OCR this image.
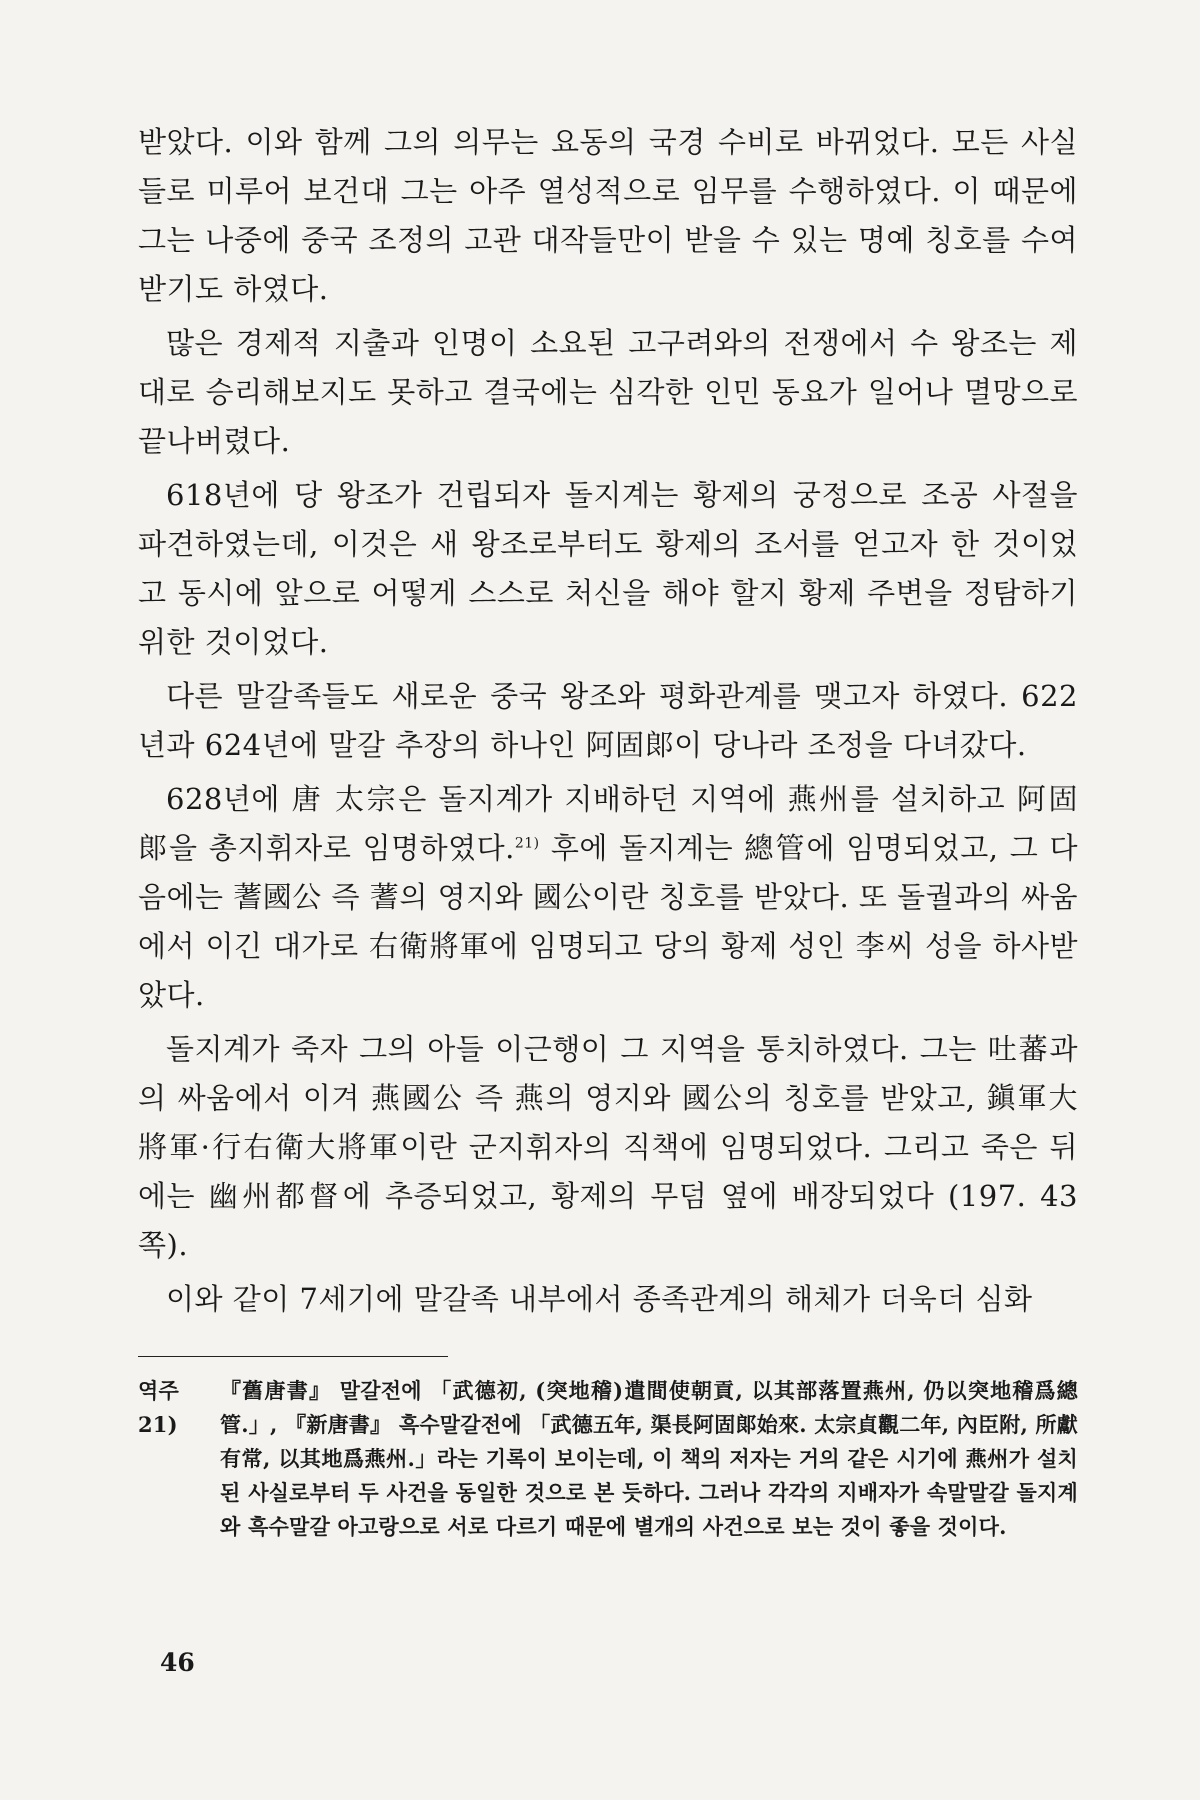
받았다. 이와 함께 그의 의무는 요동의 국경 수비로 바뀌었다. 모든 사실들로 미루어 보건대 그는 아주 열성적으로 임무를 수행하였다. 이 때문에 그는 나중에 중국 조정의 고관 대작들만이 받을 수 있는 명예 칭호를 수여받기도 하였다.

많은 경제적 지출과 인명이 소요된 고구려와의 전쟁에서 수 왕조는 제대로 승리해보지도 못하고 결국에는 심각한 인민 동요가 일어나 멸망으로 끝나버렸다.

618년에 당 왕조가 건립되자 돌지계는 황제의 궁정으로 조공 사절을 파견하였는데, 이것은 새 왕조로부터도 황제의 조서를 얻고자 한 것이었고 동시에 앞으로 어떻게 스스로 처신을 해야 할지 황제 주변을 정탐하기 위한 것이었다.

다른 말갈족들도 새로운 중국 왕조와 평화관계를 맺고자 하였다. 622년과 624년에 말갈 추장의 하나인 阿固郞이 당나라 조정을 다녀갔다.

628년에 唐 太宗은 돌지계가 지배하던 지역에 燕州를 설치하고 阿固郞을 총지휘자로 임명하였다.$^{21)}$ 후에 돌지계는 總管에 임명되었고, 그 다음에는 蓍國公 즉 蓍의 영지와 國公이란 칭호를 받았다. 또 돌궐과의 싸움에서 이긴 대가로 右衛將軍에 임명되고 당의 황제 성인 李씨 성을 하사받았다.

돌지계가 죽자 그의 아들 이근행이 그 지역을 통치하였다. 그는 吐蕃과의 싸움에서 이겨 燕國公 즉 燕의 영지와 國公의 칭호를 받았고, 鎭軍大將軍·行右衛大將軍이란 군지휘자의 직책에 임명되었다. 그리고 죽은 뒤에는 幽州都督에 추증되었고, 황제의 무덤 옆에 배장되었다 (197. 43쪽).

이와 같이 7세기에 말갈족 내부에서 종족관계의 해체가 더욱더 심화

역주 21)
『舊唐書』 말갈전에 「武德初, (突地稽)遣間使朝貢, 以其部落置燕州, 仍以突地稽爲總管.」, 『新唐書』 흑수말갈전에 「武德五年, 渠長阿固郞始來. 太宗貞觀二年, 內臣附, 所獻有常, 以其地爲燕州.」라는 기록이 보이는데, 이 책의 저자는 거의 같은 시기에 燕州가 설치된 사실로부터 두 사건을 동일한 것으로 본 듯하다. 그러나 각각의 지배자가 속말말갈 돌지계와 흑수말갈 아고랑으로 서로 다르기 때문에 별개의 사건으로 보는 것이 좋을 것이다.
46
